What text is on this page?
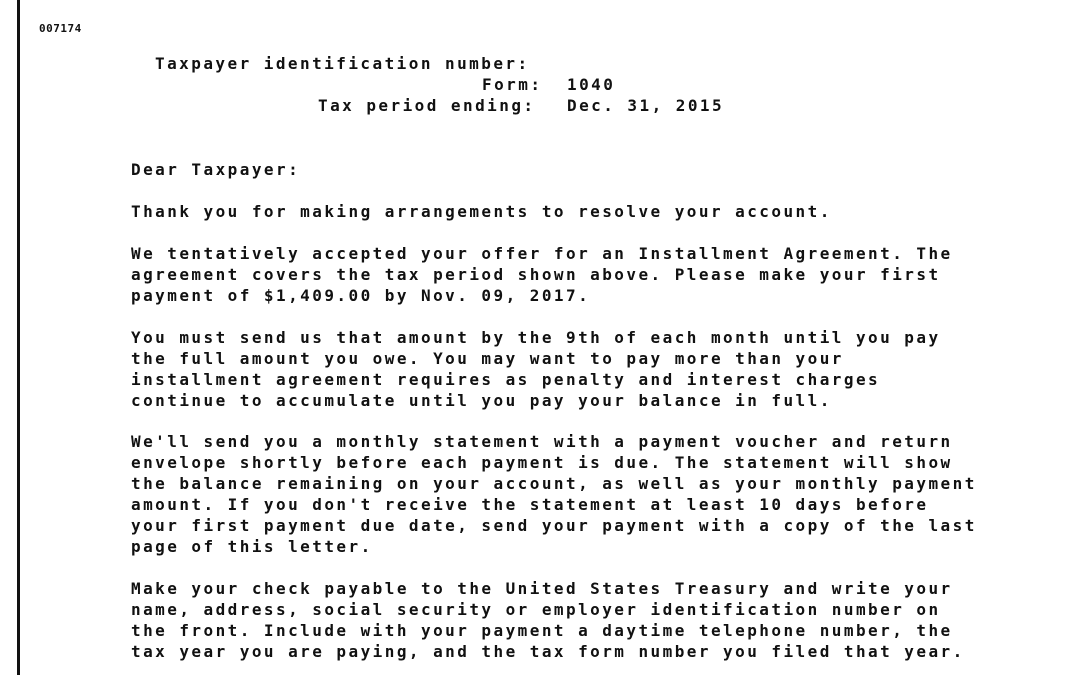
007174
Taxpayer identification number:
Form: 1040
Tax period ending: Dec. 31, 2015
Dear Taxpayer:
Thank you for making arrangements to resolve your account.
We tentatively accepted your offer for an Installment Agreement. The
agreement covers the tax period shown above. Please make your first
payment of $1,409.00 by Nov. 09, 2017.
You must send us that amount by the 9th of each month until you pay
the full amount you owe. You may want to pay more than your
installment agreement requires as penalty and interest charges
continue to accumulate until you pay your balance in full.
We'll send you a monthly statement with a payment voucher and return
envelope shortly before each payment is due. The statement will show
the balance remaining on your account, as well as your monthly payment
amount. If you don't receive the statement at least 10 days before
your first payment due date, send your payment with a copy of the last
page of this letter.
Make your check payable to the United States Treasury and write your
name, address, social security or employer identification number on
the front. Include with your payment a daytime telephone number, the
tax year you are paying, and the tax form number you filed that year.
